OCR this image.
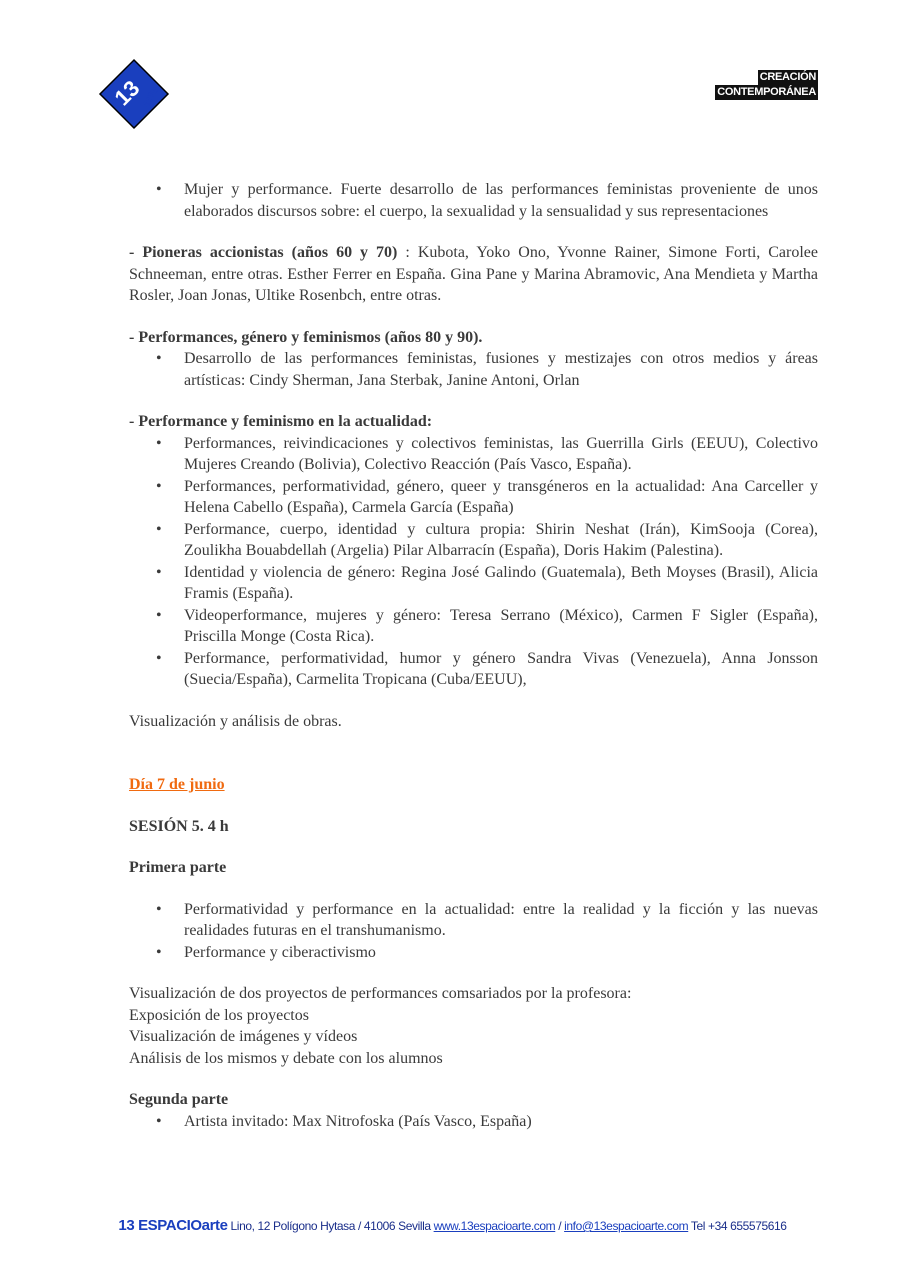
13
arte
CREACIÓN
CONTEMPORÁNEA
• Mujer y performance. Fuerte desarrollo de las performances feministas proveniente de unos elaborados discursos sobre: el cuerpo, la sexualidad y la sensualidad y sus representaciones

- Pioneras accionistas (años 60 y 70) : Kubota, Yoko Ono, Yvonne Rainer, Simone Forti, Carolee Schneeman, entre otras. Esther Ferrer en España. Gina Pane y Marina Abramovic, Ana Mendieta y Martha Rosler, Joan Jonas, Ultike Rosenbch, entre otras.

- Performances, género y feminismos (años 80 y 90).

• Desarrollo de las performances feministas, fusiones y mestizajes con otros medios y áreas artísticas: Cindy Sherman, Jana Sterbak, Janine Antoni, Orlan

- Performance y feminismo en la actualidad:

• Performances, reivindicaciones y colectivos feministas, las Guerrilla Girls (EEUU), Colectivo Mujeres Creando (Bolivia), Colectivo Reacción (País Vasco, España).
• Performances, performatividad, género, queer y transgéneros en la actualidad: Ana Carceller y Helena Cabello (España), Carmela García (España)
• Performance, cuerpo, identidad y cultura propia: Shirin Neshat (Irán), KimSooja (Corea), Zoulikha Bouabdellah (Argelia) Pilar Albarracín (España), Doris Hakim (Palestina).
• Identidad y violencia de género: Regina José Galindo (Guatemala), Beth Moyses (Brasil), Alicia Framis (España).
• Videoperformance, mujeres y género: Teresa Serrano (México), Carmen F Sigler (España), Priscilla Monge (Costa Rica).
• Performance, performatividad, humor y género Sandra Vivas (Venezuela), Anna Jonsson (Suecia/España), Carmelita Tropicana (Cuba/EEUU),

Visualización y análisis de obras.

Día 7 de junio

SESIÓN 5. 4 h

Primera parte

• Performatividad y performance en la actualidad: entre la realidad y la ficción y las nuevas realidades futuras en el transhumanismo.
• Performance y ciberactivismo

Visualización de dos proyectos de performances comsariados por la profesora:

Exposición de los proyectos

Visualización de imágenes y vídeos

Análisis de los mismos y debate con los alumnos

Segunda parte

• Artista invitado: Max Nitrofoska (País Vasco, España)
13 ESPACIOarte Lino, 12 Polígono Hytasa / 41006 Sevilla www.13espacioarte.com / info@13espacioarte.com Tel +34 655575616
